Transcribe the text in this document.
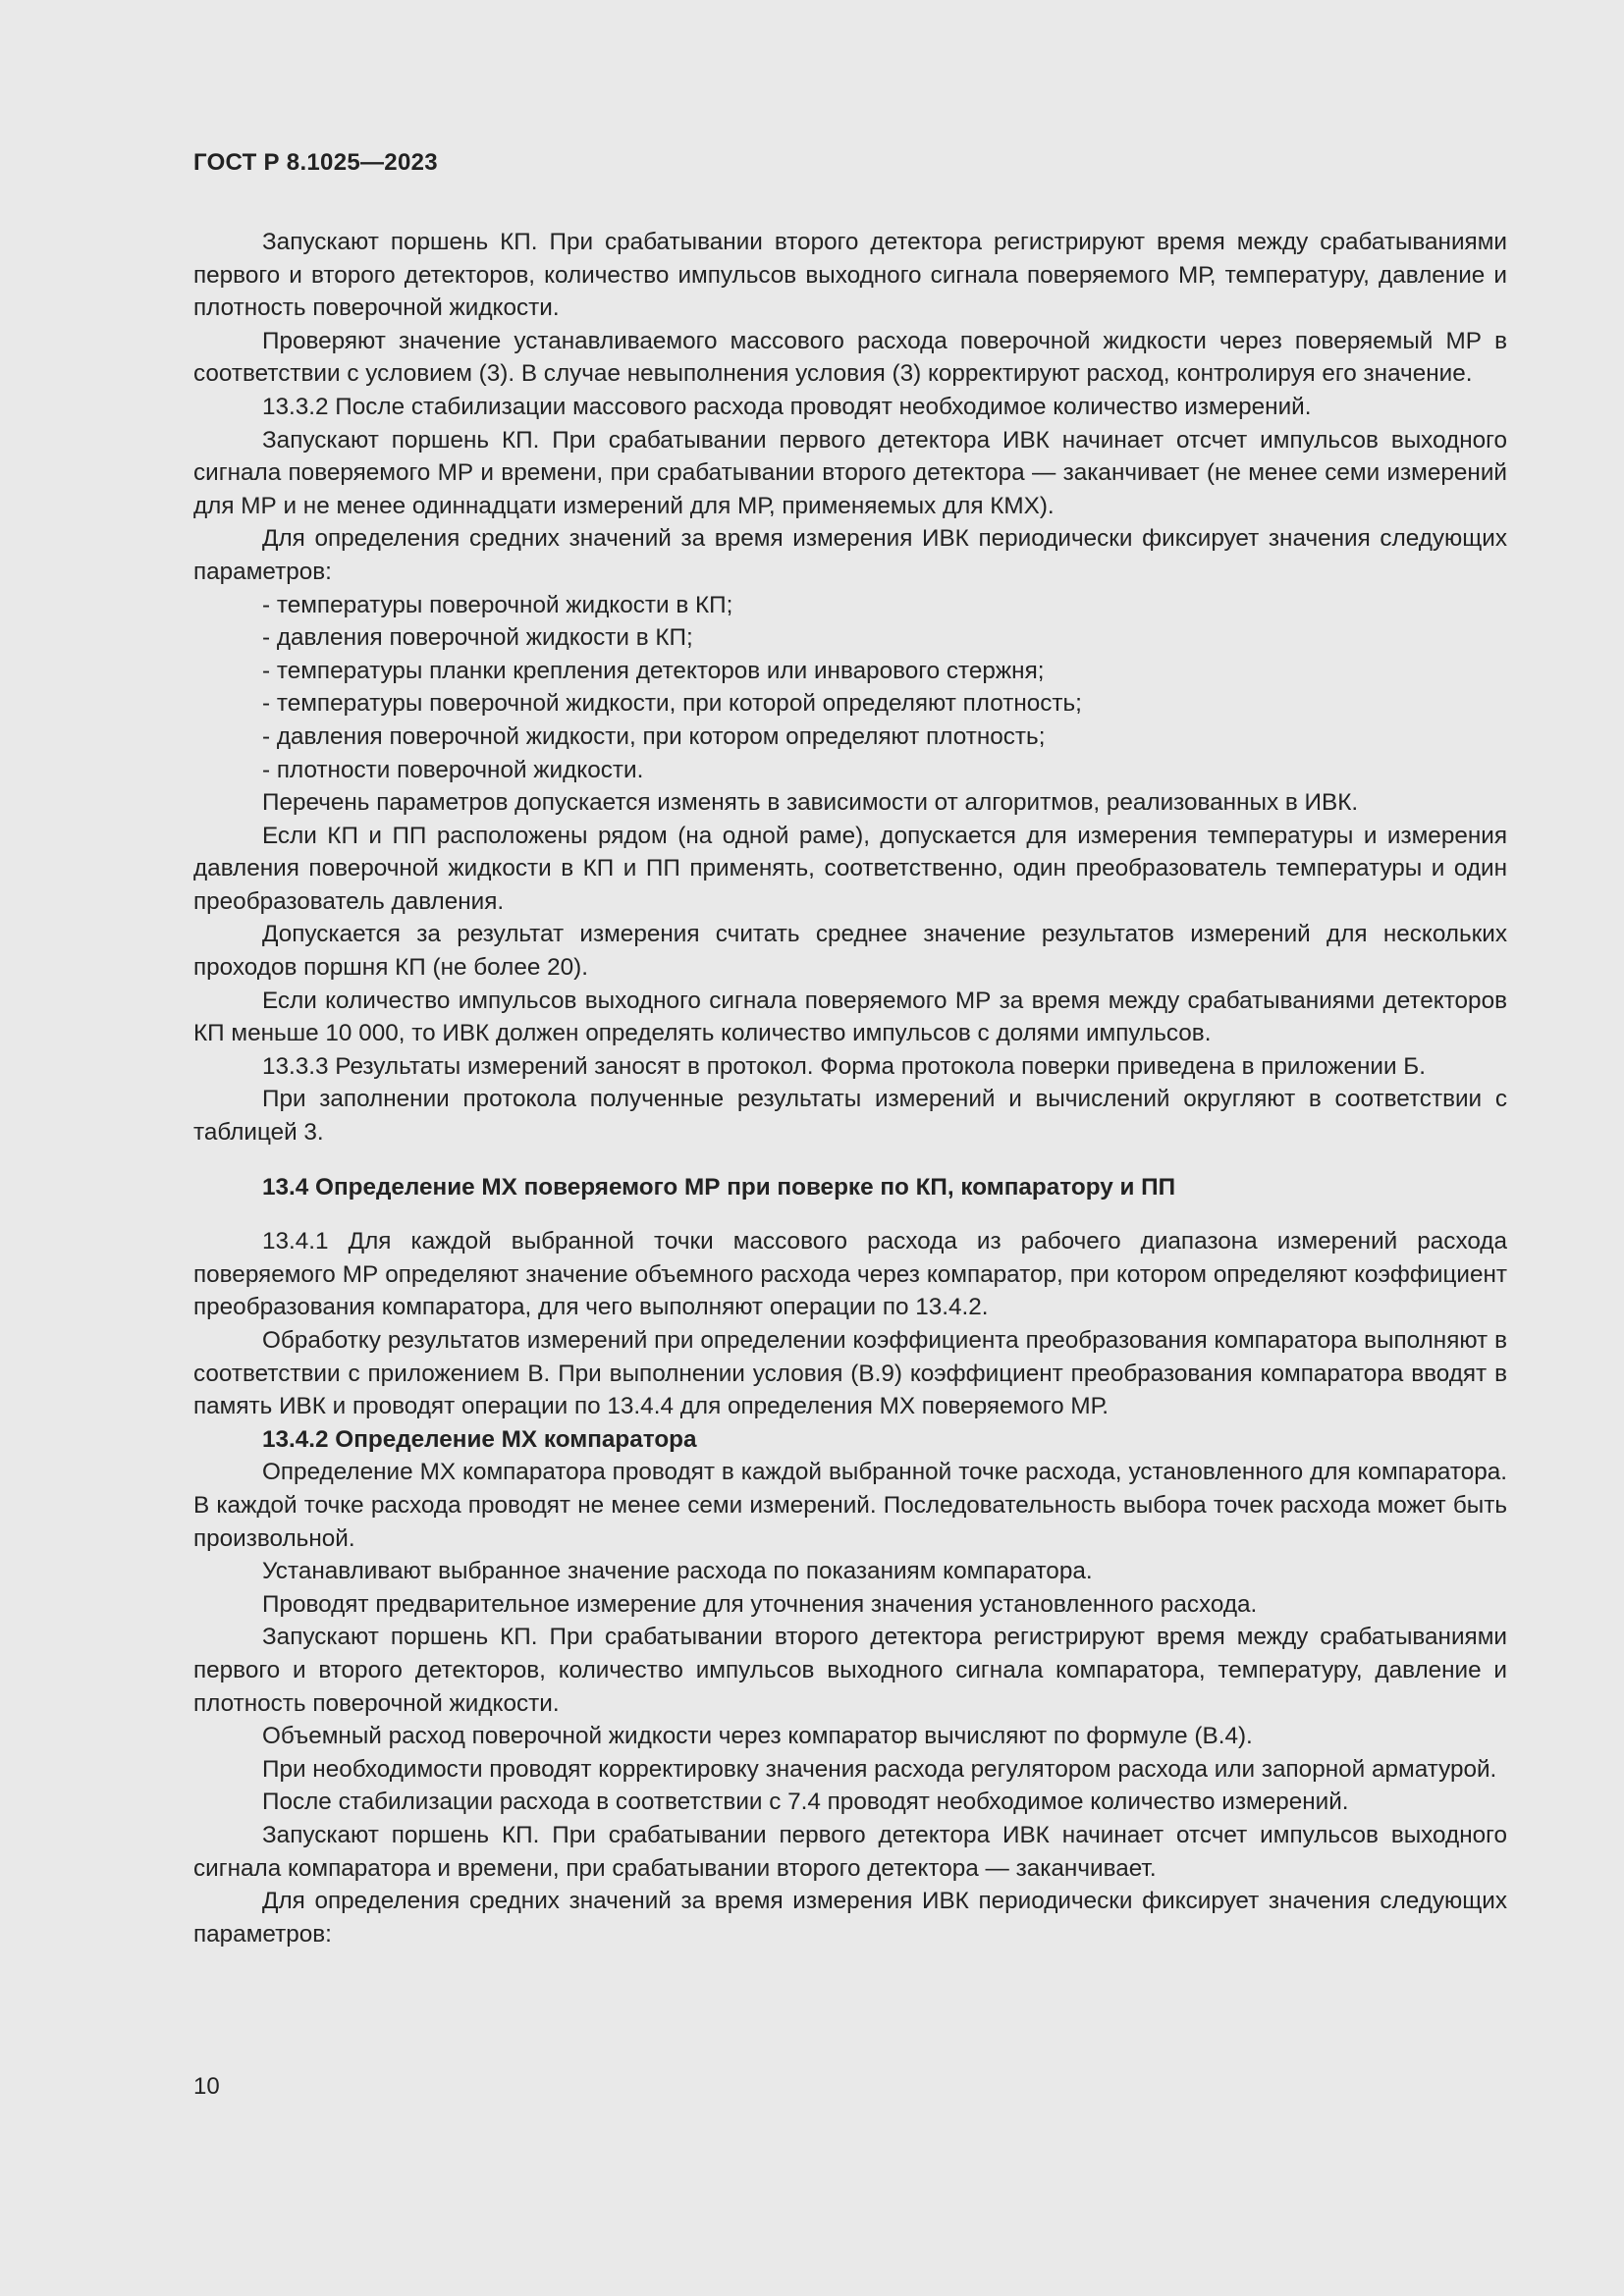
ГОСТ Р 8.1025—2023

Запускают поршень КП. При срабатывании второго детектора регистрируют время между срабатываниями первого и второго детекторов, количество импульсов выходного сигнала поверяемого МР, температуру, давление и плотность поверочной жидкости.

Проверяют значение устанавливаемого массового расхода поверочной жидкости через поверяемый МР в соответствии с условием (3). В случае невыполнения условия (3) корректируют расход, контролируя его значение.

13.3.2 После стабилизации массового расхода проводят необходимое количество измерений.

Запускают поршень КП. При срабатывании первого детектора ИВК начинает отсчет импульсов выходного сигнала поверяемого МР и времени, при срабатывании второго детектора — заканчивает (не менее семи измерений для МР и не менее одиннадцати измерений для МР, применяемых для КМХ).

Для определения средних значений за время измерения ИВК периодически фиксирует значения следующих параметров:

- температуры поверочной жидкости в КП;

- давления поверочной жидкости в КП;

- температуры планки крепления детекторов или инварового стержня;

- температуры поверочной жидкости, при которой определяют плотность;

- давления поверочной жидкости, при котором определяют плотность;

- плотности поверочной жидкости.

Перечень параметров допускается изменять в зависимости от алгоритмов, реализованных в ИВК.

Если КП и ПП расположены рядом (на одной раме), допускается для измерения температуры и измерения давления поверочной жидкости в КП и ПП применять, соответственно, один преобразователь температуры и один преобразователь давления.

Допускается за результат измерения считать среднее значение результатов измерений для нескольких проходов поршня КП (не более 20).

Если количество импульсов выходного сигнала поверяемого МР за время между срабатываниями детекторов КП меньше 10 000, то ИВК должен определять количество импульсов с долями импульсов.

13.3.3 Результаты измерений заносят в протокол. Форма протокола поверки приведена в приложении Б.

При заполнении протокола полученные результаты измерений и вычислений округляют в соответствии с таблицей 3.

13.4 Определение МХ поверяемого МР при поверке по КП, компаратору и ПП

13.4.1 Для каждой выбранной точки массового расхода из рабочего диапазона измерений расхода поверяемого МР определяют значение объемного расхода через компаратор, при котором определяют коэффициент преобразования компаратора, для чего выполняют операции по 13.4.2.

Обработку результатов измерений при определении коэффициента преобразования компаратора выполняют в соответствии с приложением В. При выполнении условия (В.9) коэффициент преобразования компаратора вводят в память ИВК и проводят операции по 13.4.4 для определения МХ поверяемого МР.

13.4.2 Определение МХ компаратора

Определение МХ компаратора проводят в каждой выбранной точке расхода, установленного для компаратора. В каждой точке расхода проводят не менее семи измерений. Последовательность выбора точек расхода может быть произвольной.

Устанавливают выбранное значение расхода по показаниям компаратора.

Проводят предварительное измерение для уточнения значения установленного расхода.

Запускают поршень КП. При срабатывании второго детектора регистрируют время между срабатываниями первого и второго детекторов, количество импульсов выходного сигнала компаратора, температуру, давление и плотность поверочной жидкости.

Объемный расход поверочной жидкости через компаратор вычисляют по формуле (В.4).

При необходимости проводят корректировку значения расхода регулятором расхода или запорной арматурой.

После стабилизации расхода в соответствии с 7.4 проводят необходимое количество измерений.

Запускают поршень КП. При срабатывании первого детектора ИВК начинает отсчет импульсов выходного сигнала компаратора и времени, при срабатывании второго детектора — заканчивает.

Для определения средних значений за время измерения ИВК периодически фиксирует значения следующих параметров:

10
